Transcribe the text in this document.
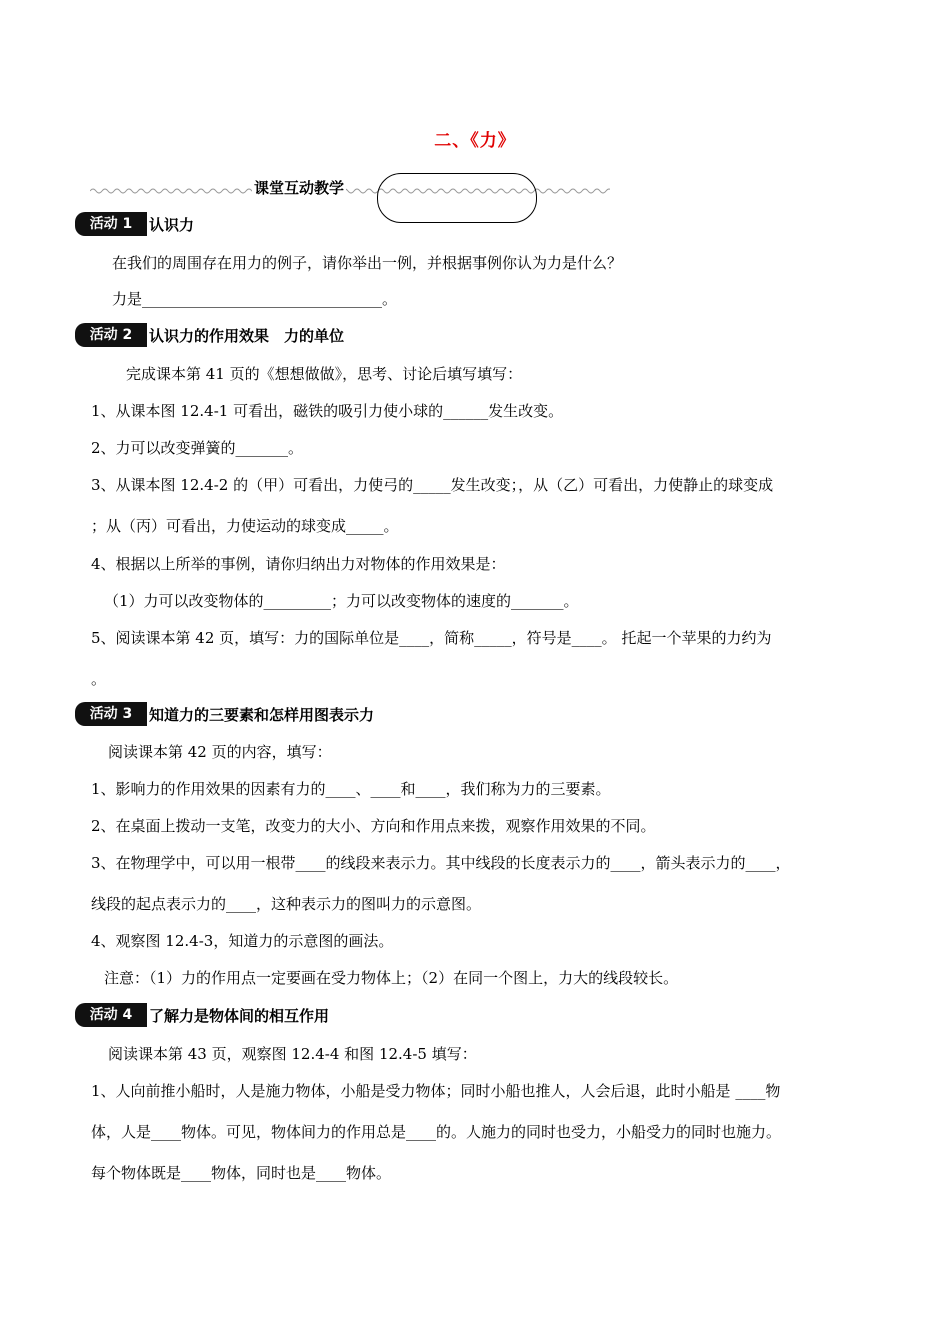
二、《力》
课堂互动教学
活动 1	认识力
在我们的周围存在用力的例子，请你举出一例，并根据事例你认为力是什么？
力是________________________________。
活动 2	认识力的作用效果　力的单位
完成课本第 41 页的《想想做做》，思考、讨论后填写填写：
1、从课本图 12.4-1 可看出，磁铁的吸引力使小球的______发生改变。
2、力可以改变弹簧的_______。
3、从课本图 12.4-2 的（甲）可看出，力使弓的_____发生改变；，从（乙）可看出，力使静止的球变成
；从（丙）可看出，力使运动的球变成_____。
4、根据以上所举的事例，请你归纳出力对物体的作用效果是：
（1）力可以改变物体的_________；力可以改变物体的速度的_______。
5、阅读课本第 42 页，填写：力的国际单位是____，简称_____，符号是____。 托起一个苹果的力约为
。
活动 3	知道力的三要素和怎样用图表示力
阅读课本第 42 页的内容，填写：
1、影响力的作用效果的因素有力的____、____和____，我们称为力的三要素。
2、在桌面上拨动一支笔，改变力的大小、方向和作用点来拨，观察作用效果的不同。
3、在物理学中，可以用一根带____的线段来表示力。其中线段的长度表示力的____，箭头表示力的____，
线段的起点表示力的____，这种表示力的图叫力的示意图。
4、观察图 12.4-3，知道力的示意图的画法。
注意：（1）力的作用点一定要画在受力物体上；（2）在同一个图上，力大的线段较长。
活动 4	了解力是物体间的相互作用
阅读课本第 43 页，观察图 12.4-4 和图 12.4-5 填写：
1、人向前推小船时，人是施力物体，小船是受力物体；同时小船也推人，人会后退，此时小船是 ____物
体，人是____物体。可见，物体间力的作用总是____的。人施力的同时也受力，小船受力的同时也施力。
每个物体既是____物体，同时也是____物体。
